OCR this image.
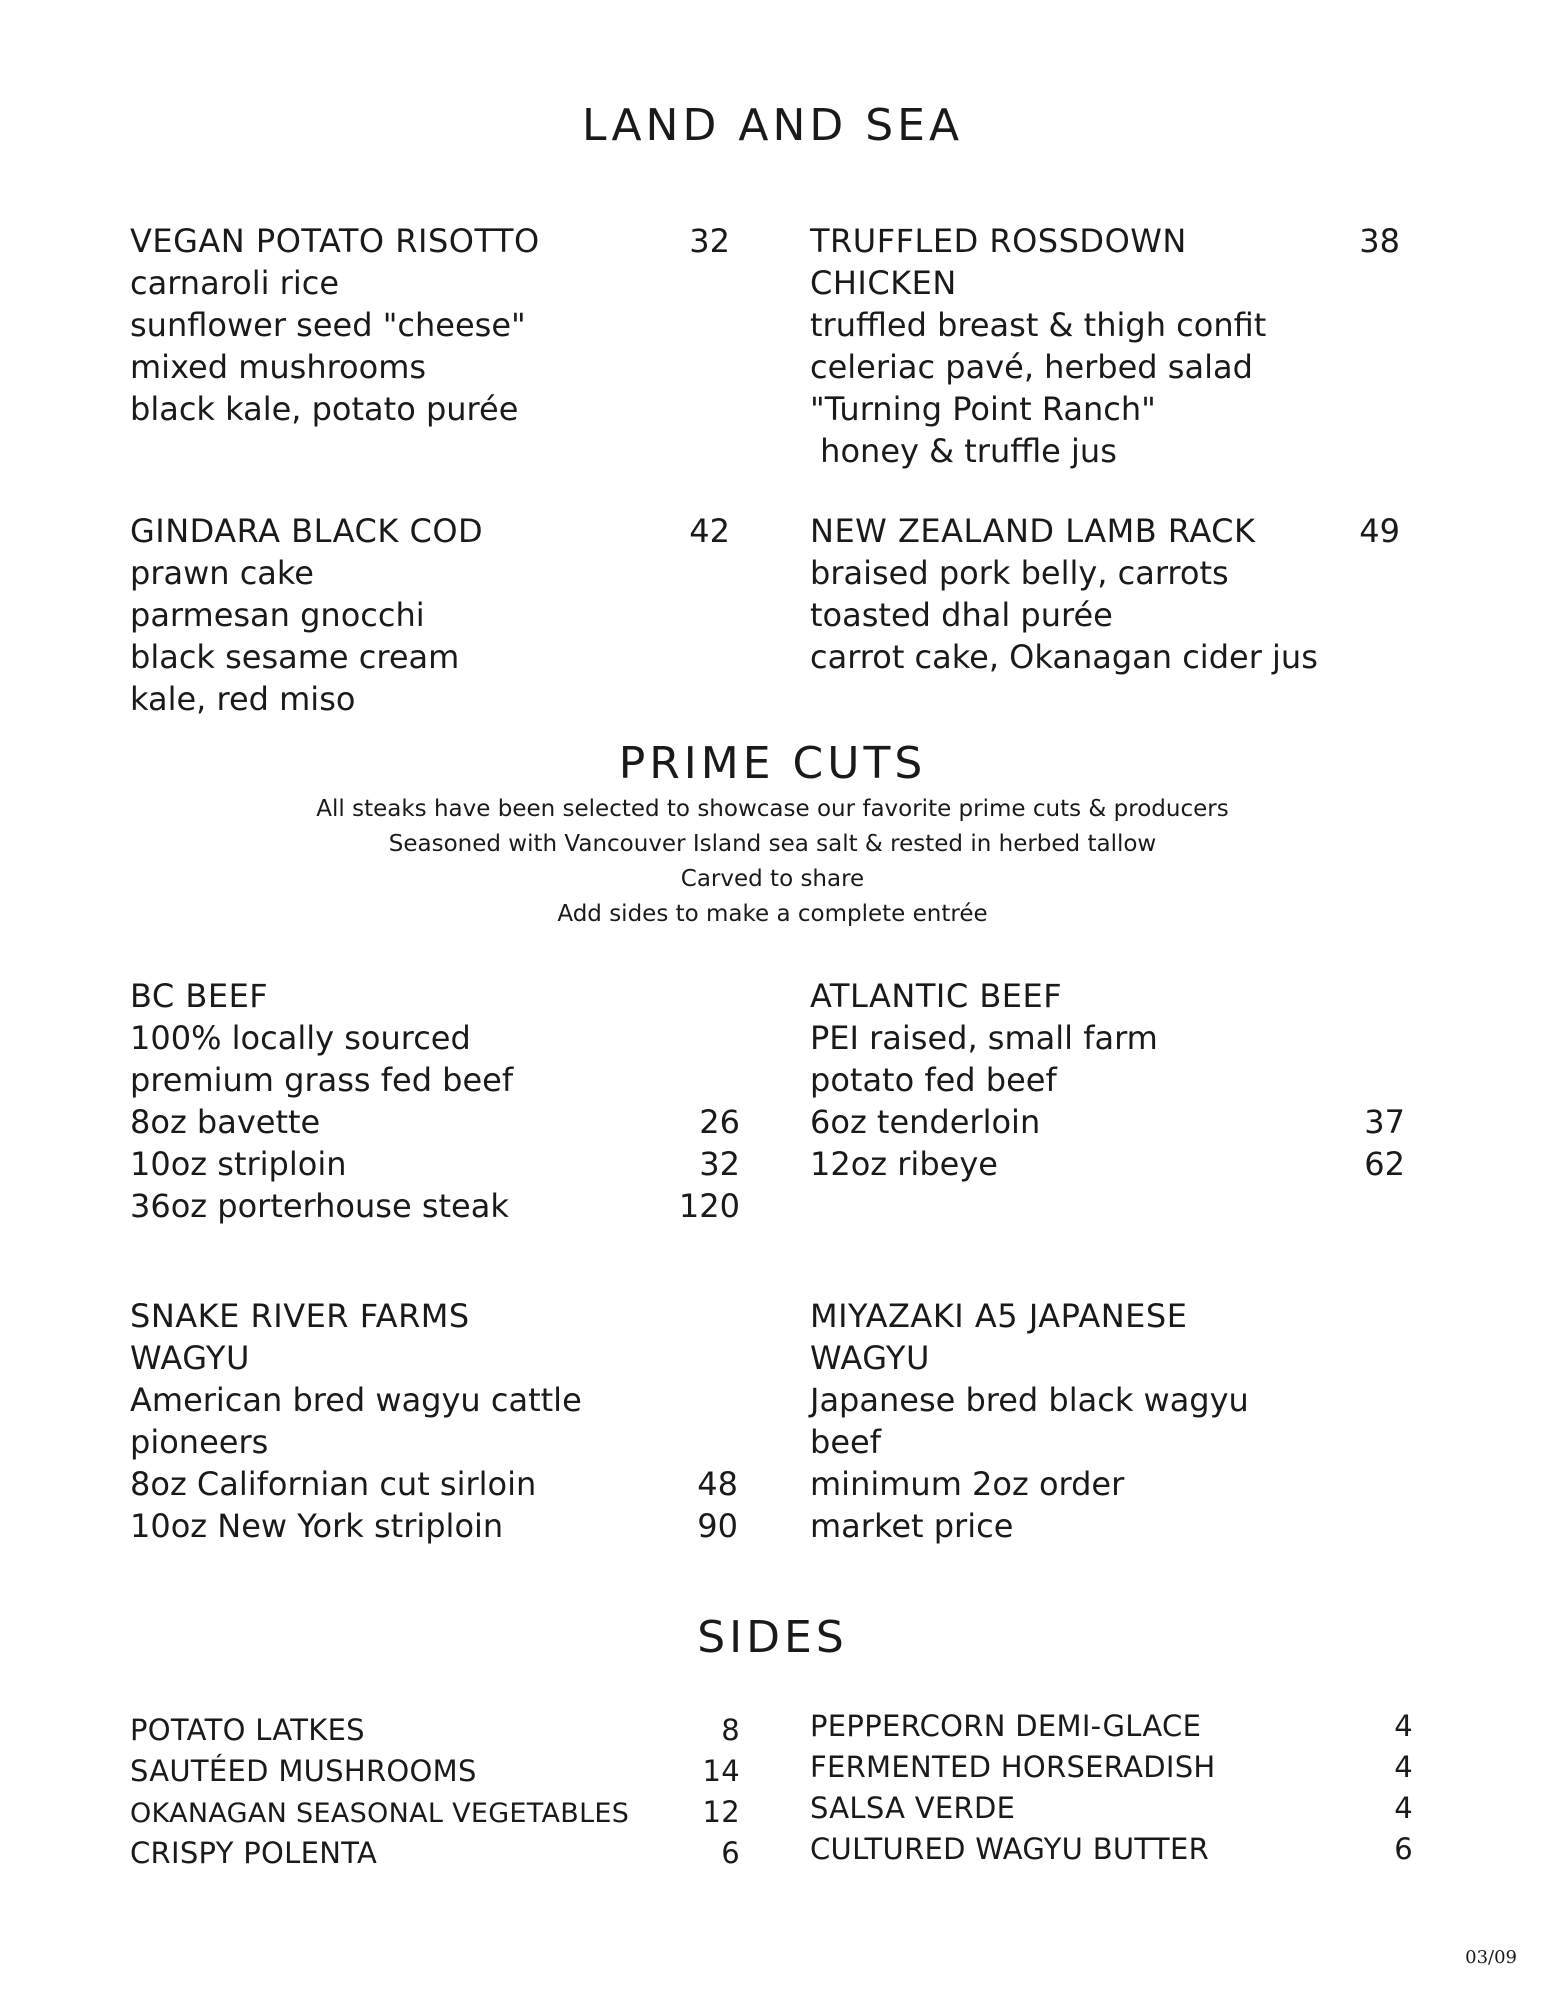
LAND AND SEA
VEGAN POTATO RISOTTO	32
carnaroli rice
sunflower seed "cheese"
mixed mushrooms
black kale, potato purée
TRUFFLED ROSSDOWN	38
CHICKEN
truffled breast & thigh confit
celeriac pavé, herbed salad
"Turning Point Ranch"
honey & truffle jus
GINDARA BLACK COD	42
prawn cake
parmesan gnocchi
black sesame cream
kale, red miso
NEW ZEALAND LAMB RACK	49
braised pork belly, carrots
toasted dhal purée
carrot cake, Okanagan cider jus
PRIME CUTS
All steaks have been selected to showcase our favorite prime cuts & producers
Seasoned with Vancouver Island sea salt & rested in herbed tallow
Carved to share
Add sides to make a complete entrée
BC BEEF
100% locally sourced
premium grass fed beef
8oz bavette	26
10oz striploin	32
36oz porterhouse steak	120
ATLANTIC BEEF
PEI raised, small farm
potato fed beef
6oz tenderloin	37
12oz ribeye	62
SNAKE RIVER FARMS
WAGYU
American bred wagyu cattle
pioneers
8oz Californian cut sirloin	48
10oz New York striploin	90
MIYAZAKI A5 JAPANESE
WAGYU
Japanese bred black wagyu
beef
minimum 2oz order
market price
SIDES
POTATO LATKES	8
SAUTÉED MUSHROOMS	14
OKANAGAN SEASONAL VEGETABLES	12
CRISPY POLENTA	6
PEPPERCORN DEMI-GLACE	4
FERMENTED HORSERADISH	4
SALSA VERDE	4
CULTURED WAGYU BUTTER	6
03/09
